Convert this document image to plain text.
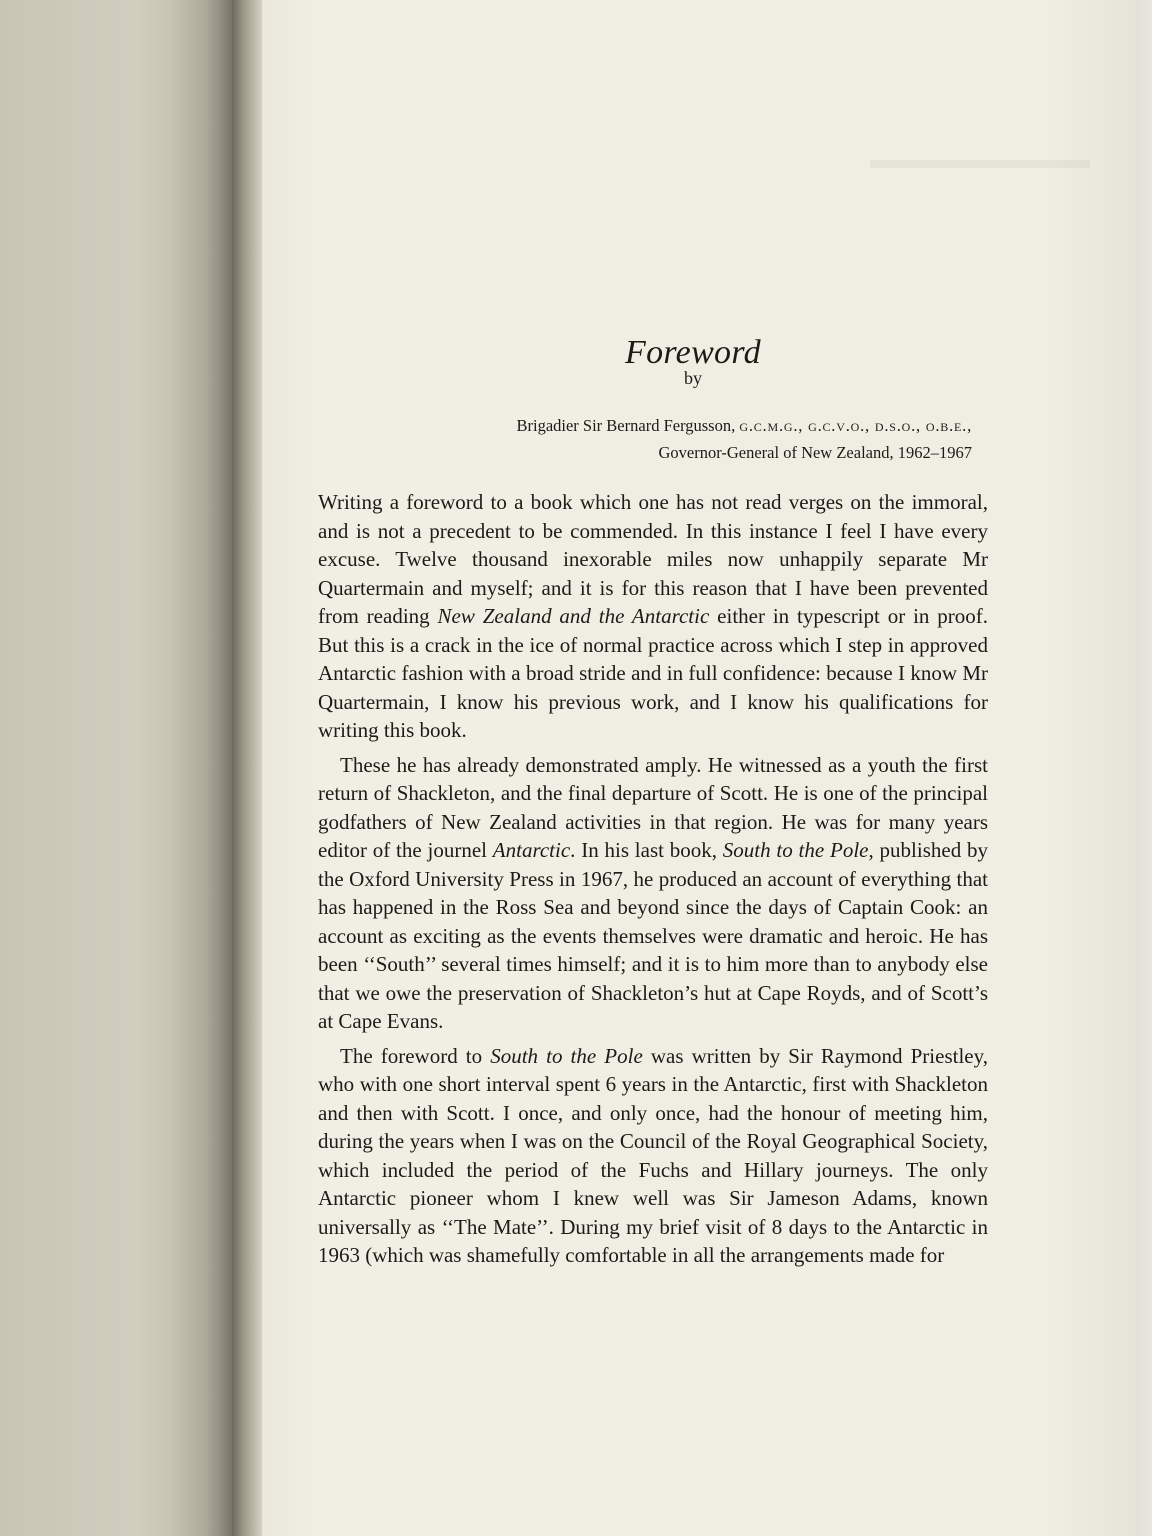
Foreword
by
Brigadier Sir Bernard Fergusson, g.c.m.g., g.c.v.o., d.s.o., o.b.e.,
Governor-General of New Zealand, 1962–1967

Writing a foreword to a book which one has not read verges on the immoral, and is not a precedent to be commended. In this instance I feel I have every excuse. Twelve thousand inexorable miles now unhappily separate Mr Quartermain and myself; and it is for this reason that I have been prevented from reading New Zealand and the Antarctic either in typescript or in proof. But this is a crack in the ice of normal practice across which I step in approved Antarctic fashion with a broad stride and in full confidence: because I know Mr Quartermain, I know his previous work, and I know his qualifications for writing this book.

These he has already demonstrated amply. He witnessed as a youth the first return of Shackleton, and the final departure of Scott. He is one of the principal godfathers of New Zealand activities in that region. He was for many years editor of the journel Antarctic. In his last book, South to the Pole, published by the Oxford University Press in 1967, he produced an account of everything that has happened in the Ross Sea and beyond since the days of Captain Cook: an account as exciting as the events themselves were dramatic and heroic. He has been ‘‘South’’ several times himself; and it is to him more than to anybody else that we owe the preservation of Shackleton’s hut at Cape Royds, and of Scott’s at Cape Evans.

The foreword to South to the Pole was written by Sir Raymond Priestley, who with one short interval spent 6 years in the Antarctic, first with Shackleton and then with Scott. I once, and only once, had the honour of meeting him, during the years when I was on the Council of the Royal Geographical Society, which included the period of the Fuchs and Hillary journeys. The only Antarctic pioneer whom I knew well was Sir Jameson Adams, known universally as ‘‘The Mate’’. During my brief visit of 8 days to the Antarctic in 1963 (which was shamefully comfortable in all the arrangements made for
